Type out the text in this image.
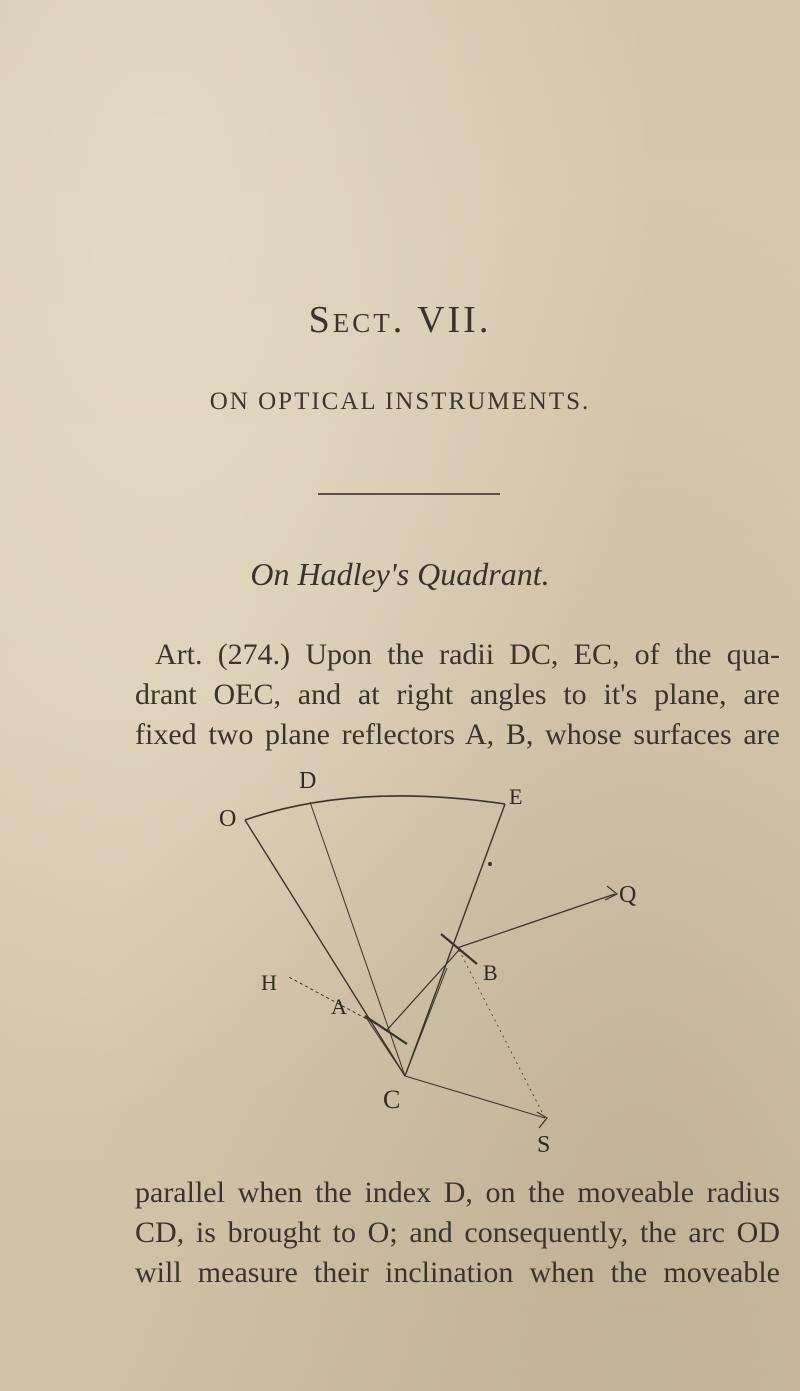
Sect. VII.
ON OPTICAL INSTRUMENTS.
On Hadley's Quadrant.
Art. (274.) Upon the radii DC, EC, of the qua-
drant OEC, and at right angles to it's plane, are
fixed two plane reflectors A, B, whose surfaces are
D
O
E
Q
B
H
A
C
S
parallel when the index D, on the moveable radius
CD, is brought to O; and consequently, the arc OD
will measure their inclination when the moveable
